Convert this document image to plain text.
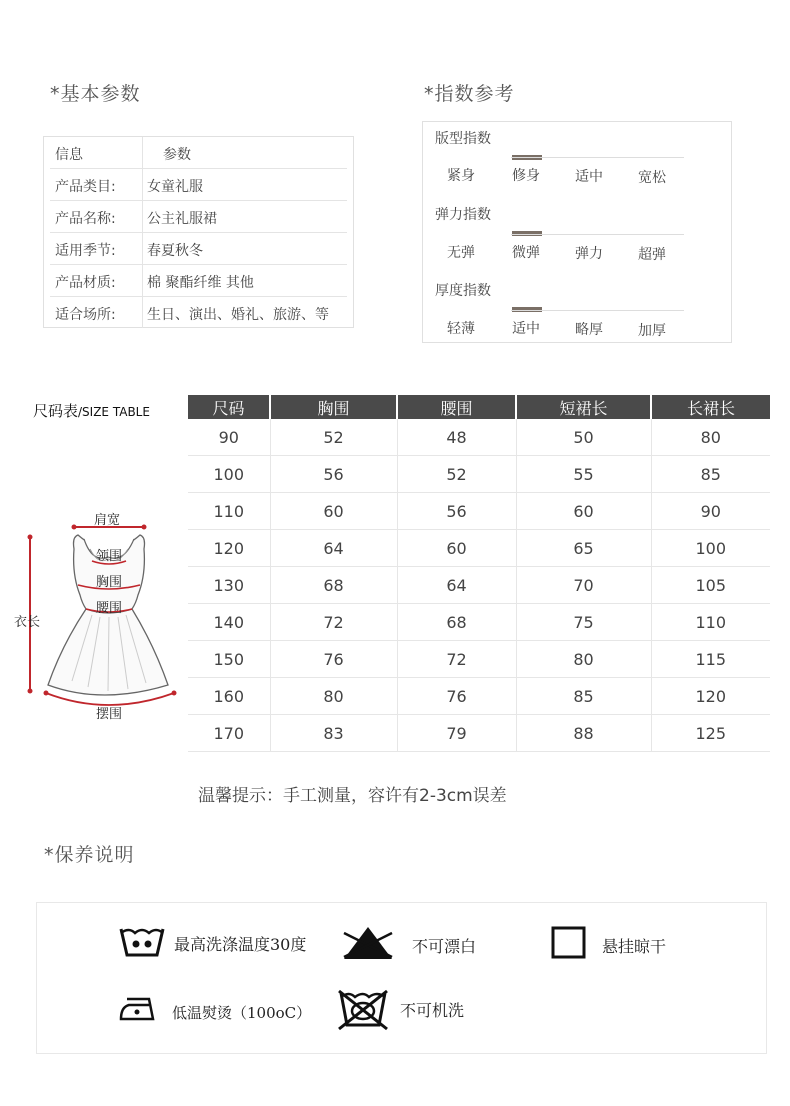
*基本参数
信息	参数
产品类目: 女童礼服
产品名称: 公主礼服裙
适用季节: 春夏秋冬
产品材质: 棉 聚酯纤维 其他
适合场所: 生日、演出、婚礼、旅游、等
*指数参考
版型指数
紧身	修身	适中	宽松
弹力指数
无弹	微弹	弹力	超弹
厚度指数
轻薄	适中	略厚	加厚
尺码表/SIZE TABLE
肩宽
领围
胸围
腰围
衣长
摆围
尺码	胸围	腰围	短裙长	长裙长
90	52	48	50	80
100	56	52	55	85
110	60	56	60	90
120	64	60	65	100
130	68	64	70	105
140	72	68	75	110
150	76	72	80	115
160	80	76	85	120
170	83	79	88	125
温馨提示：手工测量，容许有2-3cm误差
*保养说明
最高洗涤温度30度	不可漂白	悬挂晾干
低温熨烫（100oC）	不可机洗
